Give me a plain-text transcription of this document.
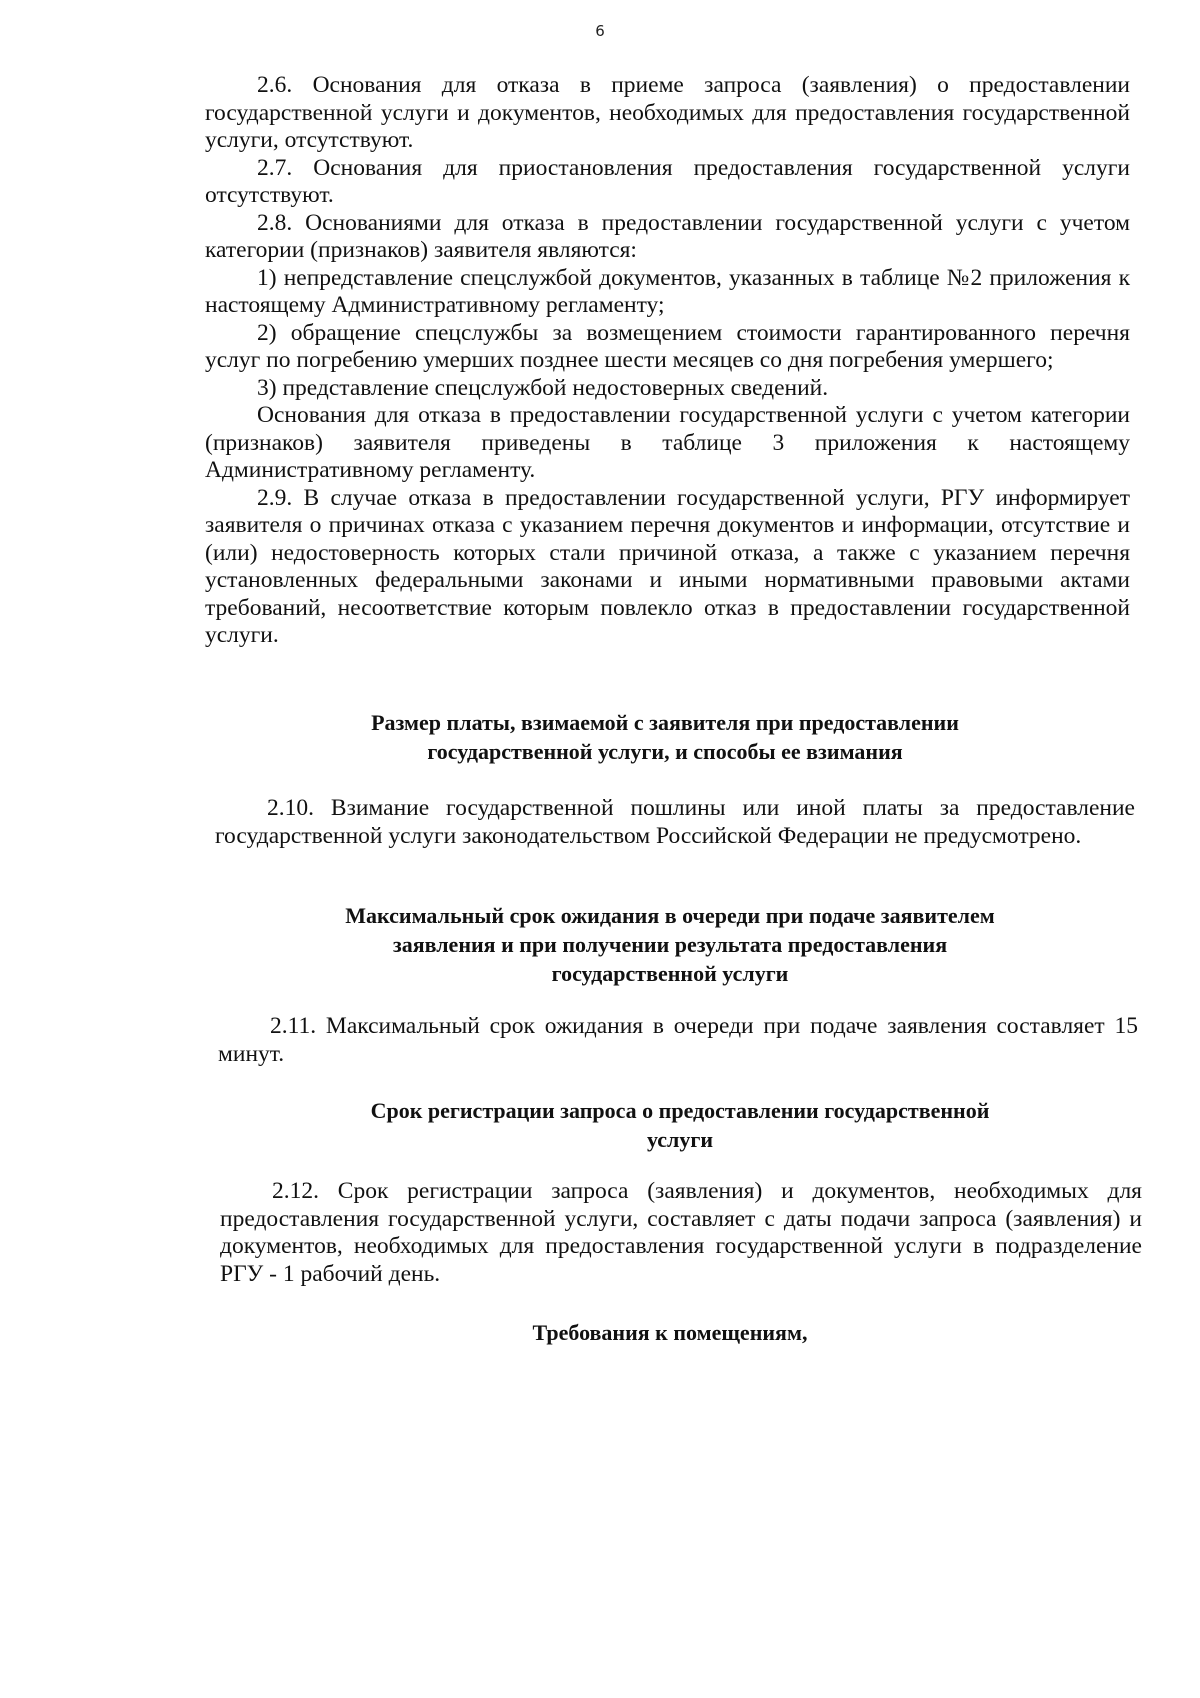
6

2.6. Основания для отказа в приеме запроса (заявления) о предоставлении государственной услуги и документов, необходимых для предоставления государственной услуги, отсутствуют.

2.7. Основания для приостановления предоставления государственной услуги отсутствуют.

2.8. Основаниями для отказа в предоставлении государственной услуги с учетом категории (признаков) заявителя являются:

1) непредставление спецслужбой документов, указанных в таблице №2 приложения к настоящему Административному регламенту;

2) обращение спецслужбы за возмещением стоимости гарантированного перечня услуг по погребению умерших позднее шести месяцев со дня погребения умершего;

3) представление спецслужбой недостоверных сведений.

Основания для отказа в предоставлении государственной услуги с учетом категории (признаков) заявителя приведены в таблице 3 приложения к настоящему Административному регламенту.

2.9. В случае отказа в предоставлении государственной услуги, РГУ информирует заявителя о причинах отказа с указанием перечня документов и информации, отсутствие и (или) недостоверность которых стали причиной отказа, а также с указанием перечня установленных федеральными законами и иными нормативными правовыми актами требований, несоответствие которым повлекло отказ в предоставлении государственной услуги.

Размер платы, взимаемой с заявителя при предоставлении
государственной услуги, и способы ее взимания

2.10. Взимание государственной пошлины или иной платы за предоставление государственной услуги законодательством Российской Федерации не предусмотрено.

Максимальный срок ожидания в очереди при подаче заявителем
заявления и при получении результата предоставления
государственной услуги

2.11. Максимальный срок ожидания в очереди при подаче заявления составляет 15 минут.

Срок регистрации запроса о предоставлении государственной
услуги

2.12. Срок регистрации запроса (заявления) и документов, необходимых для предоставления государственной услуги, составляет с даты подачи запроса (заявления) и документов, необходимых для предоставления государственной услуги в подразделение РГУ - 1 рабочий день.

Требования к помещениям,
